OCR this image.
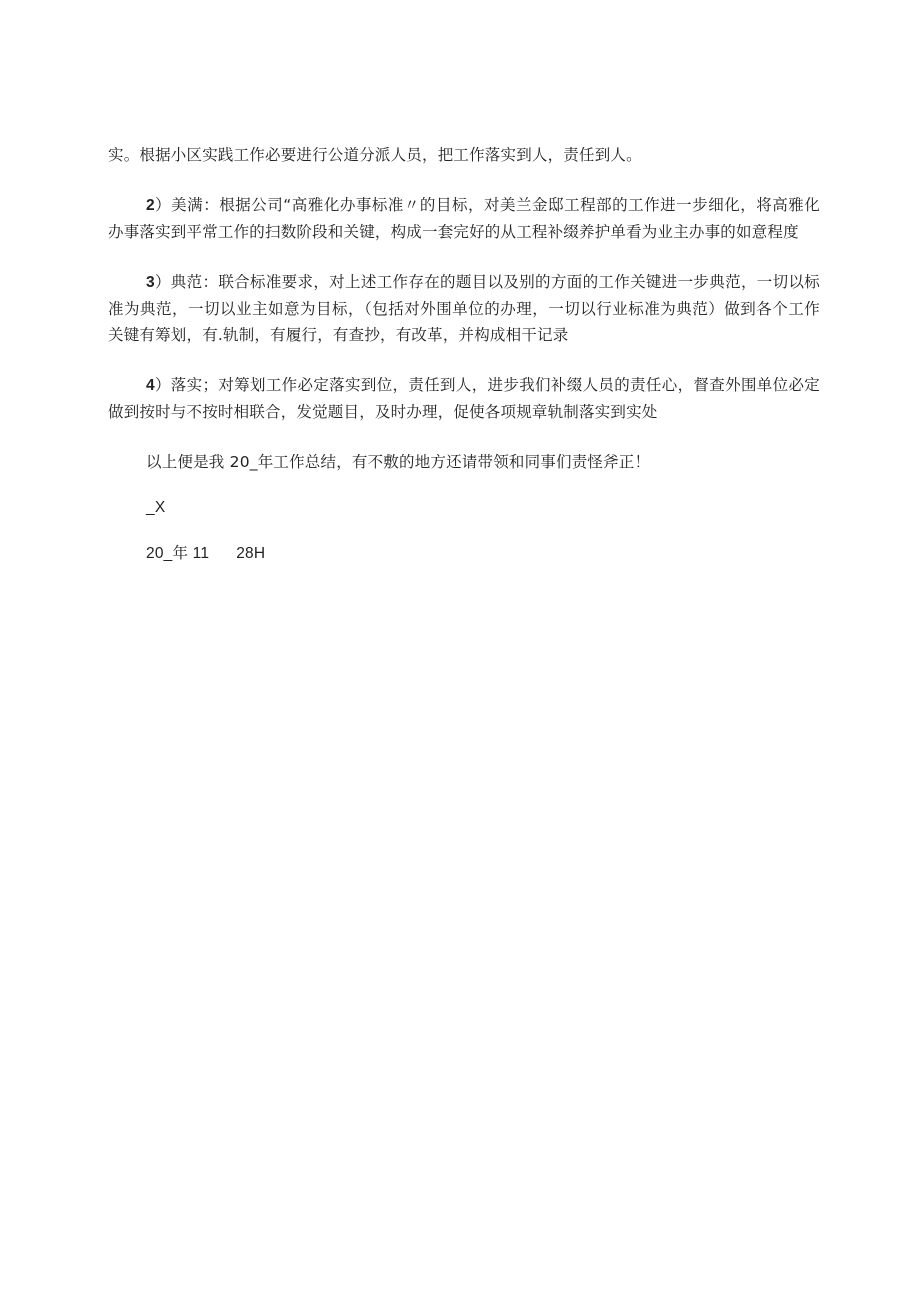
实。根据小区实践工作必要进行公道分派人员，把工作落实到人，责任到人。

2）美满：根据公司“高雅化办事标准〃的目标，对美兰金邸工程部的工作进一步细化，将高雅化办事落实到平常工作的扫数阶段和关键，构成一套完好的从工程补缀养护单看为业主办事的如意程度

3）典范：联合标准要求，对上述工作存在的题目以及别的方面的工作关键进一步典范，一切以标准为典范，一切以业主如意为目标，（包括对外围单位的办理，一切以行业标准为典范）做到各个工作关键有筹划，有.轨制，有履行，有查抄，有改革，并构成相干记录

4）落实；对筹划工作必定落实到位，责任到人，进步我们补缀人员的责任心，督查外围单位必定做到按时与不按时相联合，发觉题目，及时办理，促使各项规章轨制落实到实处

以上便是我 20_年工作总结，有不敷的地方还请带领和同事们责怪斧正！

_X

20_年 11      28H
